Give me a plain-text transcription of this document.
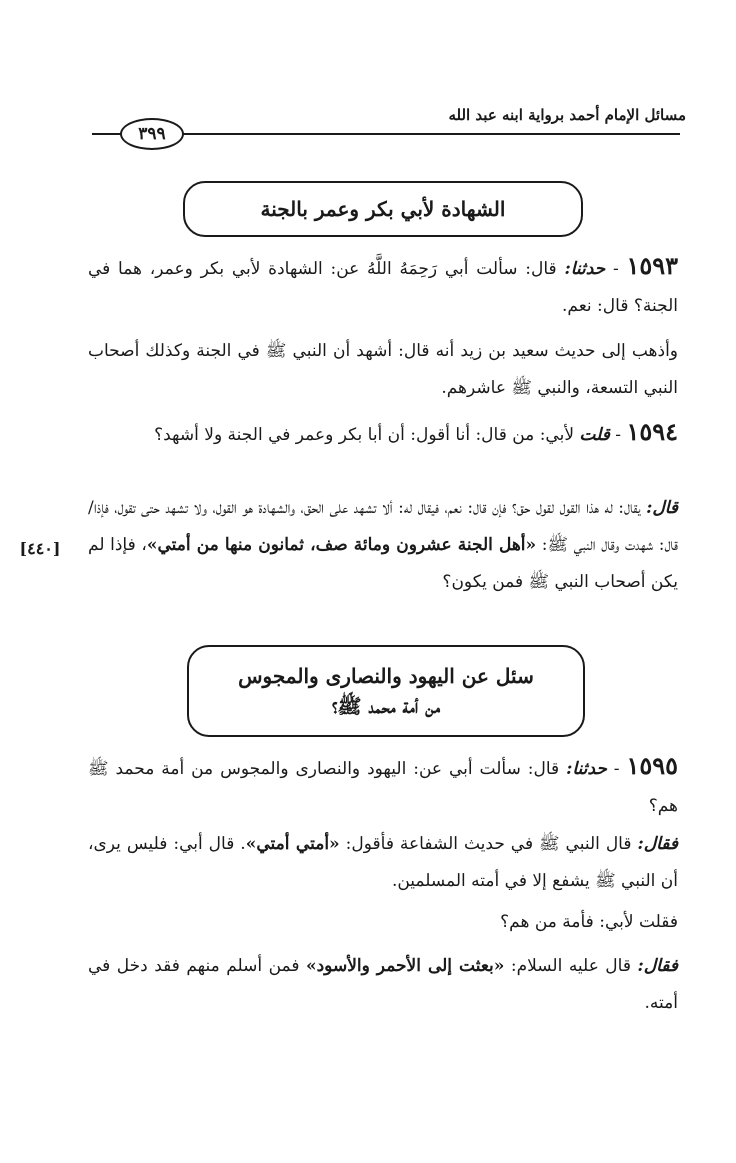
مسائل الإمام أحمد برواية ابنه عبد الله
٣٩٩
الشهادة لأبي بكر وعمر بالجنة
١٥٩٣ - حدثنا: قال: سألت أبي رَحِمَهُ اللَّهُ عن: الشهادة لأبي بكر وعمر، هما في الجنة؟ قال: نعم.
وأذهب إلى حديث سعيد بن زيد أنه قال: أشهد أن النبي ﷺ في الجنة وكذلك أصحاب النبي التسعة، والنبي ﷺ عاشرهم.
١٥٩٤ - قلت لأبي: من قال: أنا أقول: أن أبا بكر وعمر في الجنة ولا أشهد؟
قال: يقال: له هذا القول لقول حق؟ فإن قال: نعم، فيقال له: ألا تشهد على الحق، والشهادة هو القول، ولا تشهد حتى تقول، فإذا/ قال: شهدت وقال النبي ﷺ: «أهل الجنة عشرون ومائة صف، ثمانون منها من أمتي»، فإذا لم يكن أصحاب النبي ﷺ فمن يكون؟
[٤٤٠]
سئل عن اليهود والنصارى والمجوس
من أمة محمد ﷺ؟
١٥٩٥ - حدثنا: قال: سألت أبي عن: اليهود والنصارى والمجوس من أمة محمد ﷺ هم؟
فقال: قال النبي ﷺ في حديث الشفاعة فأقول: «أمتي أمتي». قال أبي: فليس يرى، أن النبي ﷺ يشفع إلا في أمته المسلمين.
فقلت لأبي: فأمة من هم؟
فقال: قال عليه السلام: «بعثت إلى الأحمر والأسود» فمن أسلم منهم فقد دخل في أمته.
